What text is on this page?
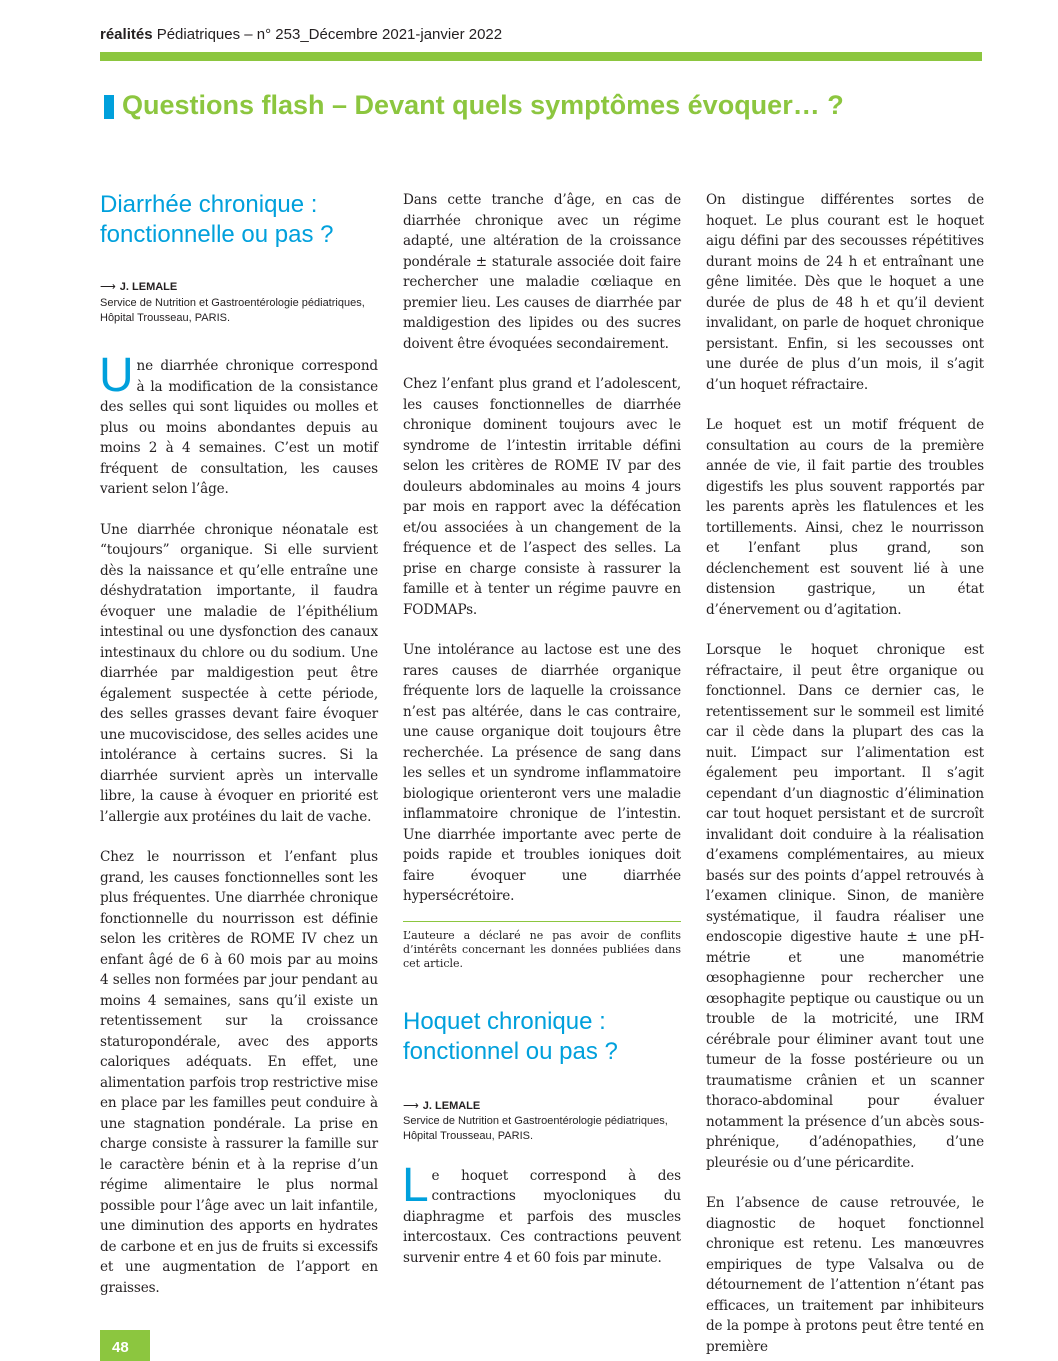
réalités Pédiatriques – n° 253_Décembre 2021-janvier 2022
Questions flash – Devant quels symptômes évoquer… ?
Diarrhée chronique : fonctionnelle ou pas ?
⟶ J. LEMALE
Service de Nutrition et Gastroentérologie pédiatriques, Hôpital Trousseau, PARIS.

Une diarrhée chronique correspond à la modification de la consistance des selles qui sont liquides ou molles et plus ou moins abondantes depuis au moins 2 à 4 semaines. C’est un motif fréquent de consultation, les causes varient selon l’âge.

Une diarrhée chronique néonatale est “toujours” organique. Si elle survient dès la naissance et qu’elle entraîne une déshydratation importante, il faudra évoquer une maladie de l’épithélium intestinal ou une dysfonction des canaux intestinaux du chlore ou du sodium. Une diarrhée par maldigestion peut être également suspectée à cette période, des selles grasses devant faire évoquer une mucoviscidose, des selles acides une intolérance à certains sucres. Si la diarrhée survient après un intervalle libre, la cause à évoquer en priorité est l’allergie aux protéines du lait de vache.

Chez le nourrisson et l’enfant plus grand, les causes fonctionnelles sont les plus fréquentes. Une diarrhée chronique fonctionnelle du nourrisson est définie selon les critères de ROME IV chez un enfant âgé de 6 à 60 mois par au moins 4 selles non formées par jour pendant au moins 4 semaines, sans qu’il existe un retentissement sur la croissance staturopondérale, avec des apports caloriques adéquats. En effet, une alimentation parfois trop restrictive mise en place par les familles peut conduire à une stagnation pondérale. La prise en charge consiste à rassurer la famille sur le caractère bénin et à la reprise d’un régime alimentaire le plus normal possible pour l’âge avec un lait infantile, une diminution des apports en hydrates de carbone et en jus de fruits si excessifs et une augmentation de l’apport en graisses.

Dans cette tranche d’âge, en cas de diarrhée chronique avec un régime adapté, une altération de la croissance pondérale ± staturale associée doit faire rechercher une maladie cœliaque en premier lieu. Les causes de diarrhée par maldigestion des lipides ou des sucres doivent être évoquées secondairement.

Chez l’enfant plus grand et l’adolescent, les causes fonctionnelles de diarrhée chronique dominent toujours avec le syndrome de l’intestin irritable défini selon les critères de ROME IV par des douleurs abdominales au moins 4 jours par mois en rapport avec la défécation et/ou associées à un changement de la fréquence et de l’aspect des selles. La prise en charge consiste à rassurer la famille et à tenter un régime pauvre en FODMAPs.

Une intolérance au lactose est une des rares causes de diarrhée organique fréquente lors de laquelle la croissance n’est pas altérée, dans le cas contraire, une cause organique doit toujours être recherchée. La présence de sang dans les selles et un syndrome inflammatoire biologique orienteront vers une maladie inflammatoire chronique de l’intestin. Une diarrhée importante avec perte de poids rapide et troubles ioniques doit faire évoquer une diarrhée hypersécrétoire.

L’auteure a déclaré ne pas avoir de conflits d’intérêts concernant les données publiées dans cet article.
Hoquet chronique : fonctionnel ou pas ?
⟶ J. LEMALE
Service de Nutrition et Gastroentérologie pédiatriques, Hôpital Trousseau, PARIS.

Le hoquet correspond à des contractions myocloniques du diaphragme et parfois des muscles intercostaux. Ces contractions peuvent survenir entre 4 et 60 fois par minute.

On distingue différentes sortes de hoquet. Le plus courant est le hoquet aigu défini par des secousses répétitives durant moins de 24 h et entraînant une gêne limitée. Dès que le hoquet a une durée de plus de 48 h et qu’il devient invalidant, on parle de hoquet chronique persistant. Enfin, si les secousses ont une durée de plus d’un mois, il s’agit d’un hoquet réfractaire.

Le hoquet est un motif fréquent de consultation au cours de la première année de vie, il fait partie des troubles digestifs les plus souvent rapportés par les parents après les flatulences et les tortillements. Ainsi, chez le nourrisson et l’enfant plus grand, son déclenchement est souvent lié à une distension gastrique, un état d’énervement ou d’agitation.

Lorsque le hoquet chronique est réfractaire, il peut être organique ou fonctionnel. Dans ce dernier cas, le retentissement sur le sommeil est limité car il cède dans la plupart des cas la nuit. L’impact sur l’alimentation est également peu important. Il s’agit cependant d’un diagnostic d’élimination car tout hoquet persistant et de surcroît invalidant doit conduire à la réalisation d’examens complémentaires, au mieux basés sur des points d’appel retrouvés à l’examen clinique. Sinon, de manière systématique, il faudra réaliser une endoscopie digestive haute ± une pH-métrie et une manométrie œsophagienne pour rechercher une œsophagite peptique ou caustique ou un trouble de la motricité, une IRM cérébrale pour éliminer avant tout une tumeur de la fosse postérieure ou un traumatisme crânien et un scanner thoraco-abdominal pour évaluer notamment la présence d’un abcès sous-phrénique, d’adénopathies, d’une pleurésie ou d’une péricardite.

En l’absence de cause retrouvée, le diagnostic de hoquet fonctionnel chronique est retenu. Les manœuvres empiriques de type Valsalva ou de détournement de l’attention n’étant pas efficaces, un traitement par inhibiteurs de la pompe à protons peut être tenté en première

48
